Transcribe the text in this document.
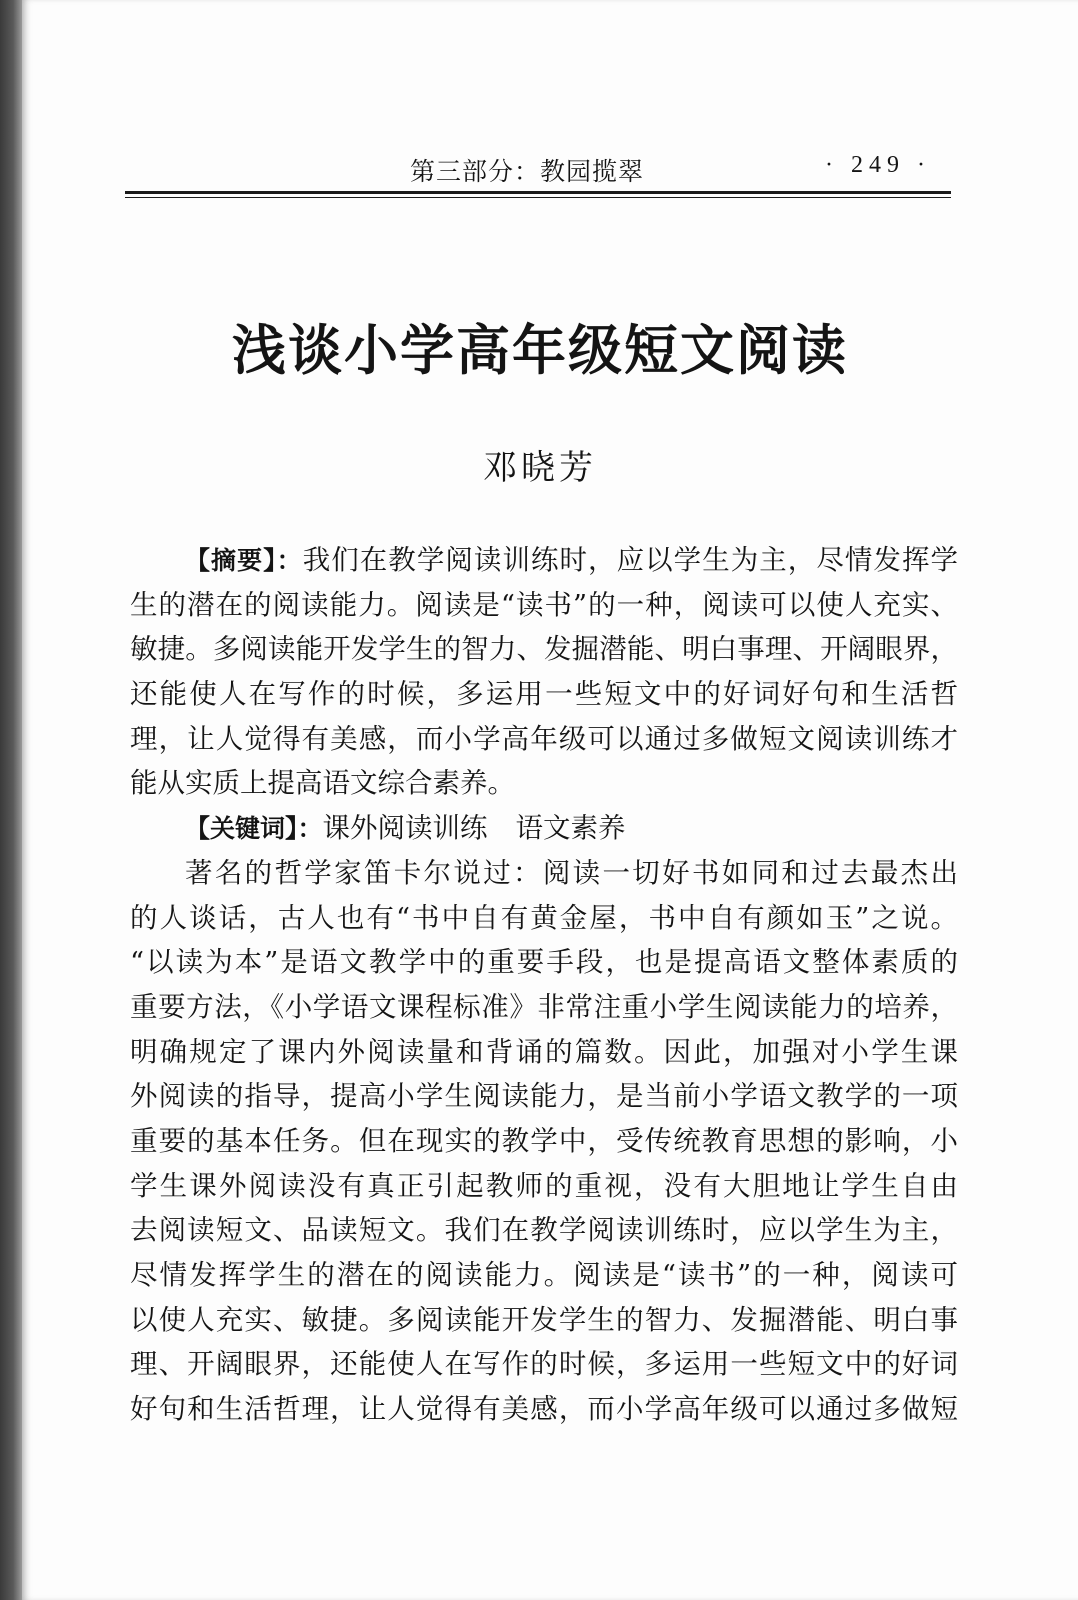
第三部分：教园揽翠	· 249 ·
浅谈小学高年级短文阅读
邓晓芳
【摘要】：我们在教学阅读训练时，应以学生为主，尽情发挥学
生的潜在的阅读能力。阅读是“读书”的一种，阅读可以使人充实、
敏捷。多阅读能开发学生的智力、发掘潜能、明白事理、开阔眼界，
还能使人在写作的时候，多运用一些短文中的好词好句和生活哲
理，让人觉得有美感，而小学高年级可以通过多做短文阅读训练才
能从实质上提高语文综合素养。
【关键词】：课外阅读训练 语文素养
著名的哲学家笛卡尔说过：阅读一切好书如同和过去最杰出
的人谈话，古人也有“书中自有黄金屋，书中自有颜如玉”之说。
“以读为本”是语文教学中的重要手段，也是提高语文整体素质的
重要方法，《小学语文课程标准》非常注重小学生阅读能力的培养，
明确规定了课内外阅读量和背诵的篇数。因此，加强对小学生课
外阅读的指导，提高小学生阅读能力，是当前小学语文教学的一项
重要的基本任务。但在现实的教学中，受传统教育思想的影响，小
学生课外阅读没有真正引起教师的重视，没有大胆地让学生自由
去阅读短文、品读短文。我们在教学阅读训练时，应以学生为主，
尽情发挥学生的潜在的阅读能力。阅读是“读书”的一种，阅读可
以使人充实、敏捷。多阅读能开发学生的智力、发掘潜能、明白事
理、开阔眼界，还能使人在写作的时候，多运用一些短文中的好词
好句和生活哲理，让人觉得有美感，而小学高年级可以通过多做短
